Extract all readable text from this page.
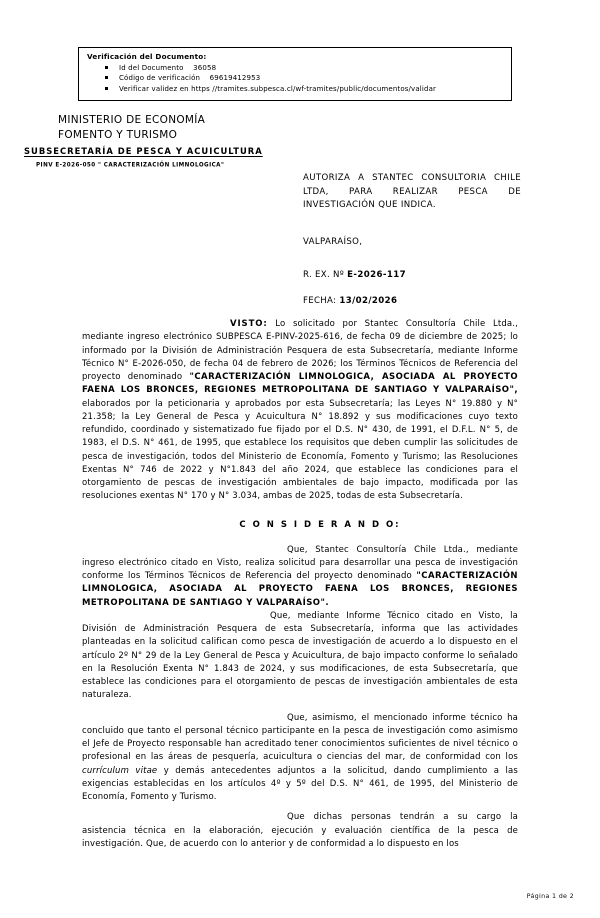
Verificación del Documento:
Id del Documento 36058
Código de verificación 69619412953
Verificar validez en https //tramites.subpesca.cl/wf-tramites/public/documentos/validar
MINISTERIO DE ECONOMÍA
FOMENTO Y TURISMO
SUBSECRETARÍA DE PESCA Y ACUICULTURA
PINV E-2026-050 " CARACTERIZACIÓN LIMNOLOGICA"
AUTORIZA A STANTEC CONSULTORIA CHILE LTDA, PARA REALIZAR PESCA DE INVESTIGACIÓN QUE INDICA.
VALPARAÍSO,
R. EX. Nº E-2026-117
FECHA: 13/02/2026

VISTO: Lo solicitado por Stantec Consultoría Chile Ltda., mediante ingreso electrónico SUBPESCA E-PINV-2025-616, de fecha 09 de diciembre de 2025; lo informado por la División de Administración Pesquera de esta Subsecretaría, mediante Informe Técnico N° E-2026-050, de fecha 04 de febrero de 2026; los Términos Técnicos de Referencia del proyecto denominado "CARACTERIZACIÓN LIMNOLOGICA, ASOCIADA AL PROYECTO FAENA LOS BRONCES, REGIONES METROPOLITANA DE SANTIAGO Y VALPARAÍSO", elaborados por la peticionaria y aprobados por esta Subsecretaría; las Leyes N° 19.880 y N° 21.358; la Ley General de Pesca y Acuicultura N° 18.892 y sus modificaciones cuyo texto refundido, coordinado y sistematizado fue fijado por el D.S. N° 430, de 1991, el D.F.L. N° 5, de 1983, el D.S. N° 461, de 1995, que establece los requisitos que deben cumplir las solicitudes de pesca de investigación, todos del Ministerio de Economía, Fomento y Turismo; las Resoluciones Exentas N° 746 de 2022 y N°1.843 del año 2024, que establece las condiciones para el otorgamiento de pescas de investigación ambientales de bajo impacto, modificada por las resoluciones exentas N° 170 y N° 3.034, ambas de 2025, todas de esta Subsecretaría.

C O N S I D E R A N D O:

Que, Stantec Consultoría Chile Ltda., mediante ingreso electrónico citado en Visto, realiza solicitud para desarrollar una pesca de investigación conforme los Términos Técnicos de Referencia del proyecto denominado "CARACTERIZACIÓN LIMNOLOGICA, ASOCIADA AL PROYECTO FAENA LOS BRONCES, REGIONES METROPOLITANA DE SANTIAGO Y VALPARAÍSO".

Que, mediante Informe Técnico citado en Visto, la División de Administración Pesquera de esta Subsecretaría, informa que las actividades planteadas en la solicitud califican como pesca de investigación de acuerdo a lo dispuesto en el artículo 2º N° 29 de la Ley General de Pesca y Acuicultura, de bajo impacto conforme lo señalado en la Resolución Exenta N° 1.843 de 2024, y sus modificaciones, de esta Subsecretaría, que establece las condiciones para el otorgamiento de pescas de investigación ambientales de esta naturaleza.

Que, asimismo, el mencionado informe técnico ha concluido que tanto el personal técnico participante en la pesca de investigación como asimismo el Jefe de Proyecto responsable han acreditado tener conocimientos suficientes de nivel técnico o profesional en las áreas de pesquería, acuicultura o ciencias del mar, de conformidad con los currículum vitae y demás antecedentes adjuntos a la solicitud, dando cumplimiento a las exigencias establecidas en los artículos 4º y 5º del D.S. N° 461, de 1995, del Ministerio de Economía, Fomento y Turismo.

Que dichas personas tendrán a su cargo la asistencia técnica en la elaboración, ejecución y evaluación científica de la pesca de investigación. Que, de acuerdo con lo anterior y de conformidad a lo dispuesto en los

Página 1 de 2
